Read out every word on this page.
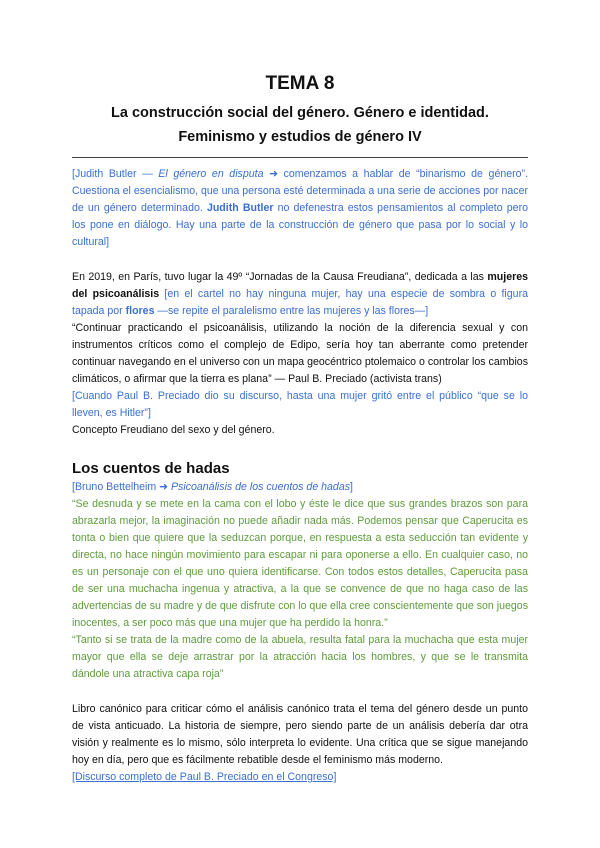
TEMA 8
La construcción social del género. Género e identidad.
Feminismo y estudios de género IV

[Judith Butler — El género en disputa ➜ comenzamos a hablar de “binarismo de género”. Cuestiona el esencialismo, que una persona esté determinada a una serie de acciones por nacer de un género determinado. Judith Butler no defenestra estos pensamientos al completo pero los pone en diálogo. Hay una parte de la construcción de género que pasa por lo social y lo cultural]

En 2019, en París, tuvo lugar la 49º “Jornadas de la Causa Freudiana”, dedicada a las mujeres del psicoanálisis [en el cartel no hay ninguna mujer, hay una especie de sombra o figura tapada por flores —se repite el paralelismo entre las mujeres y las flores—]

“Continuar practicando el psicoanálisis, utilizando la noción de la diferencia sexual y con instrumentos críticos como el complejo de Edipo, sería hoy tan aberrante como pretender continuar navegando en el universo con un mapa geocéntrico ptolemaico o controlar los cambios climáticos, o afirmar que la tierra es plana” — Paul B. Preciado (activista trans)

[Cuando Paul B. Preciado dio su discurso, hasta una mujer gritó entre el público “que se lo lleven, es Hitler”]

Concepto Freudiano del sexo y del género.

Los cuentos de hadas

[Bruno Bettelheim ➜ Psicoanálisis de los cuentos de hadas]

“Se desnuda y se mete en la cama con el lobo y éste le dice que sus grandes brazos son para abrazarla mejor, la imaginación no puede añadir nada más. Podemos pensar que Caperucita es tonta o bien que quiere que la seduzcan porque, en respuesta a esta seducción tan evidente y directa, no hace ningún movimiento para escapar ni para oponerse a ello. En cualquier caso, no es un personaje con el que uno quiera identificarse. Con todos estos detalles, Caperucita pasa de ser una muchacha ingenua y atractiva, a la que se convence de que no haga caso de las advertencias de su madre y de que disfrute con lo que ella cree conscientemente que son juegos inocentes, a ser poco más que una mujer que ha perdido la honra.”

“Tanto si se trata de la madre como de la abuela, resulta fatal para la muchacha que esta mujer mayor que ella se deje arrastrar por la atracción hacia los hombres, y que se le transmita dándole una atractiva capa roja”

Libro canónico para criticar cómo el análisis canónico trata el tema del género desde un punto de vista anticuado. La historia de siempre, pero siendo parte de un análisis debería dar otra visión y realmente es lo mismo, sólo interpreta lo evidente. Una crítica que se sigue manejando hoy en día, pero que es fácilmente rebatible desde el feminismo más moderno.

[Discurso completo de Paul B. Preciado en el Congreso]
